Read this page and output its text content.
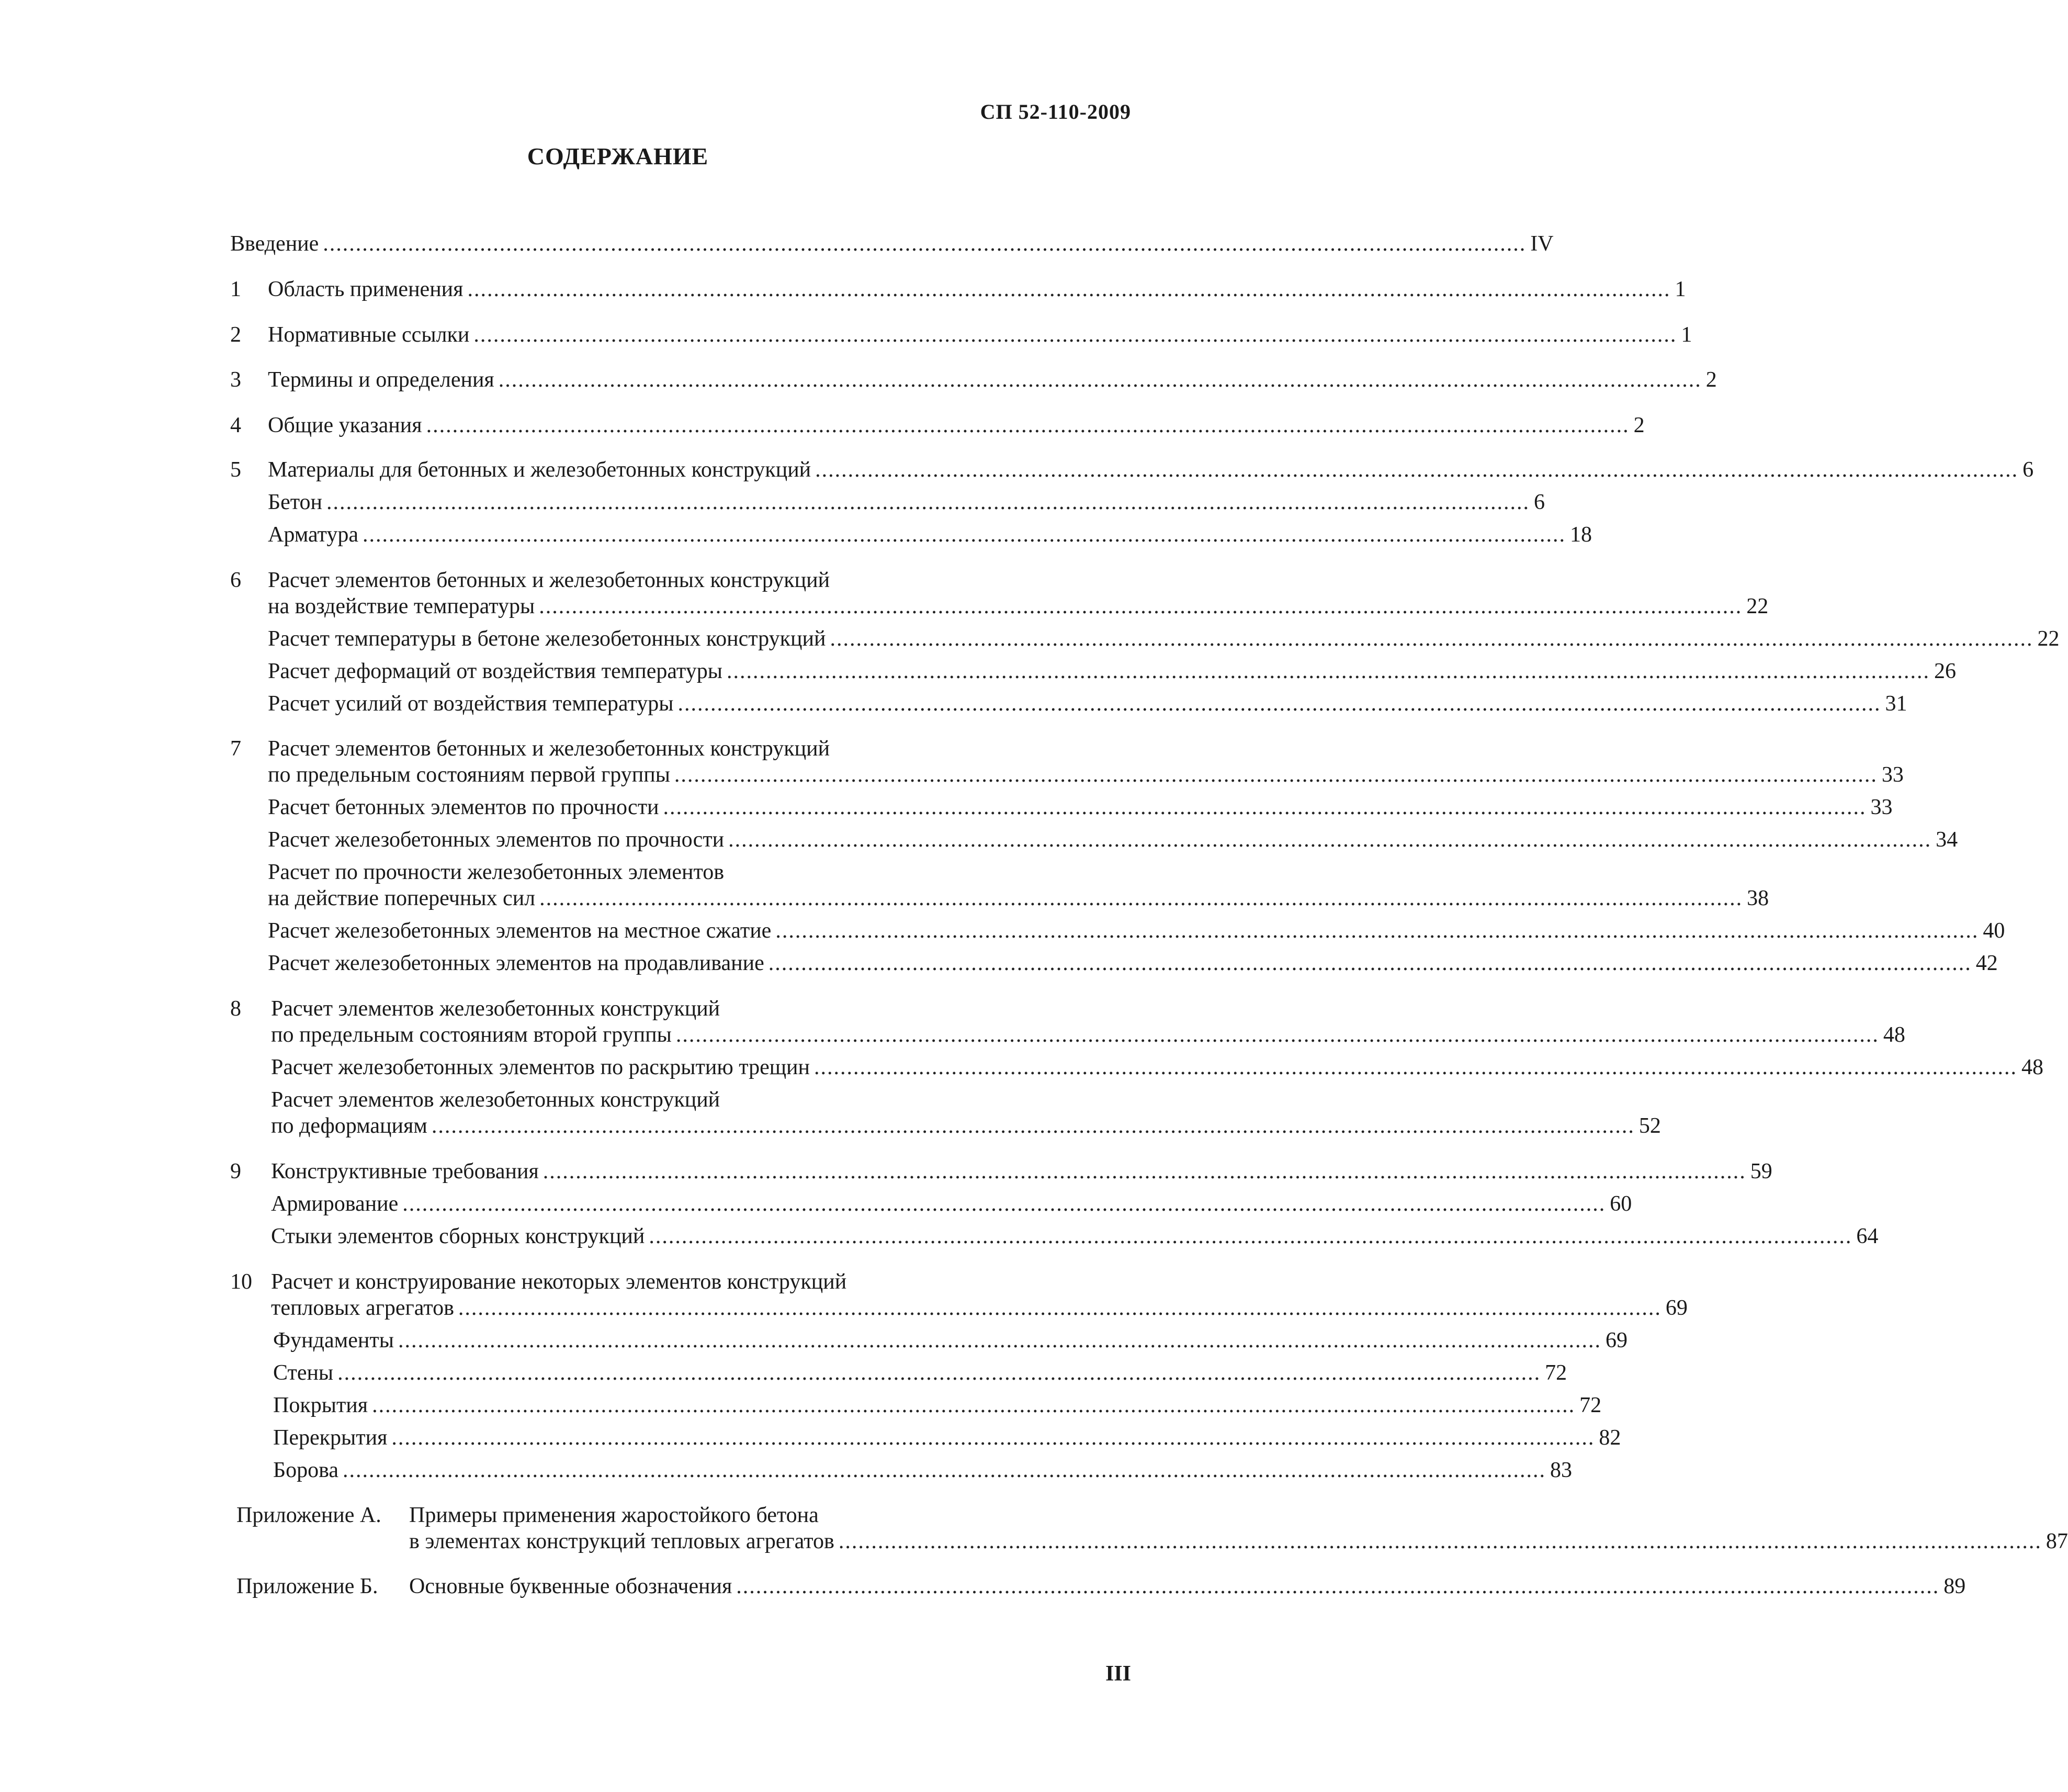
СП 52-110-2009
СОДЕРЖАНИЕ
Введение ........................................................................................................................................................................................ IV
1 Область применения ........................................................................................................................................................................................ 1
2 Нормативные ссылки ........................................................................................................................................................................................ 1
3 Термины и определения ........................................................................................................................................................................................ 2
4 Общие указания ........................................................................................................................................................................................ 2
5 Материалы для бетонных и железобетонных конструкций ........................................................................................................................................................................................ 6
Бетон ........................................................................................................................................................................................ 6
Арматура ........................................................................................................................................................................................ 18
6 Расчет элементов бетонных и железобетонных конструкций
на воздействие температуры ........................................................................................................................................................................................ 22
Расчет температуры в бетоне железобетонных конструкций ........................................................................................................................................................................................ 22
Расчет деформаций от воздействия температуры ........................................................................................................................................................................................ 26
Расчет усилий от воздействия температуры ........................................................................................................................................................................................ 31
7 Расчет элементов бетонных и железобетонных конструкций
по предельным состояниям первой группы ........................................................................................................................................................................................ 33
Расчет бетонных элементов по прочности ........................................................................................................................................................................................ 33
Расчет железобетонных элементов по прочности ........................................................................................................................................................................................ 34
Расчет по прочности железобетонных элементов
на действие поперечных сил ........................................................................................................................................................................................ 38
Расчет железобетонных элементов на местное сжатие ........................................................................................................................................................................................ 40
Расчет железобетонных элементов на продавливание ........................................................................................................................................................................................ 42
8 Расчет элементов железобетонных конструкций
по предельным состояниям второй группы ........................................................................................................................................................................................ 48
Расчет железобетонных элементов по раскрытию трещин ........................................................................................................................................................................................ 48
Расчет элементов железобетонных конструкций
по деформациям ........................................................................................................................................................................................ 52
9 Конструктивные требования ........................................................................................................................................................................................ 59
Армирование ........................................................................................................................................................................................ 60
Стыки элементов сборных конструкций ........................................................................................................................................................................................ 64
10 Расчет и конструирование некоторых элементов конструкций
тепловых агрегатов ........................................................................................................................................................................................ 69
Фундаменты ........................................................................................................................................................................................ 69
Стены ........................................................................................................................................................................................ 72
Покрытия ........................................................................................................................................................................................ 72
Перекрытия ........................................................................................................................................................................................ 82
Борова ........................................................................................................................................................................................ 83
Приложение А. Примеры применения жаростойкого бетона
в элементах конструкций тепловых агрегатов ........................................................................................................................................................................................ 87
Приложение Б. Основные буквенные обозначения ........................................................................................................................................................................................ 89
III
